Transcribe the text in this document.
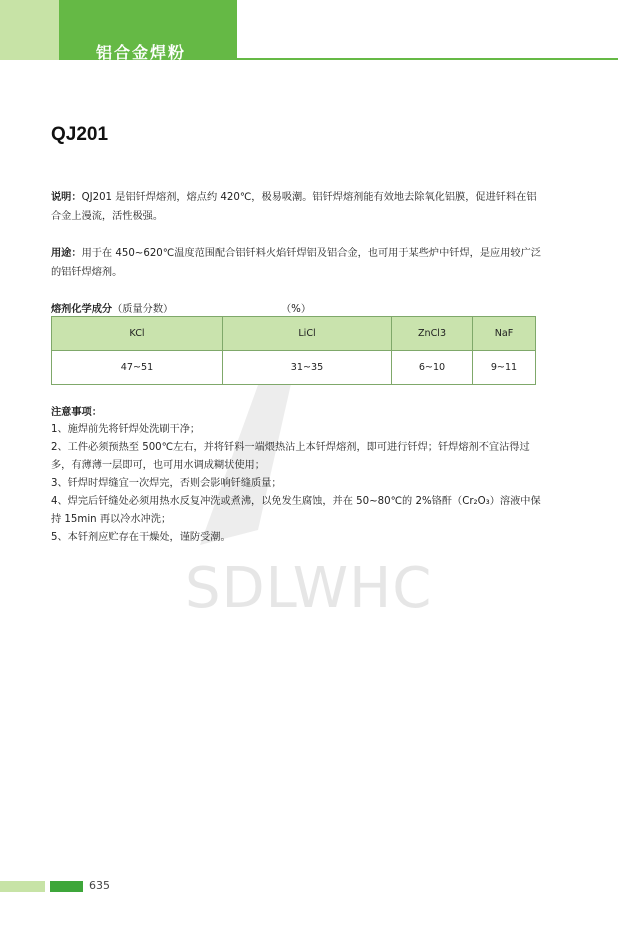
铝合金焊粉
SDLWHC
QJ201
说明：QJ201 是铝钎焊熔剂，熔点约 420℃，极易吸潮。铝钎焊熔剂能有效地去除氧化铝膜，促进钎料在铝合金上漫流，活性极强。
用途：用于在 450~620℃温度范围配合铝钎料火焰钎焊铝及铝合金，也可用于某些炉中钎焊，是应用较广泛的铝钎焊熔剂。
熔剂化学成分（质量分数）	（%）
KCl	LiCl	ZnCl3	NaF
47~51	31~35	6~10	9~11
注意事项：
1、施焊前先将钎焊处洗刷干净；
2、工件必须预热至 500℃左右，并将钎料一端煨热沾上本钎焊熔剂，即可进行钎焊；钎焊熔剂不宜沾得过多，有薄薄一层即可，也可用水调成糊状使用；
3、钎焊时焊缝宜一次焊完，否则会影响钎缝质量；
4、焊完后钎缝处必须用热水反复冲洗或煮沸，以免发生腐蚀，并在 50~80℃的 2%铬酐（Cr₂O₃）溶液中保持 15min 再以冷水冲洗；
5、本钎剂应贮存在干燥处，谨防受潮。
635
